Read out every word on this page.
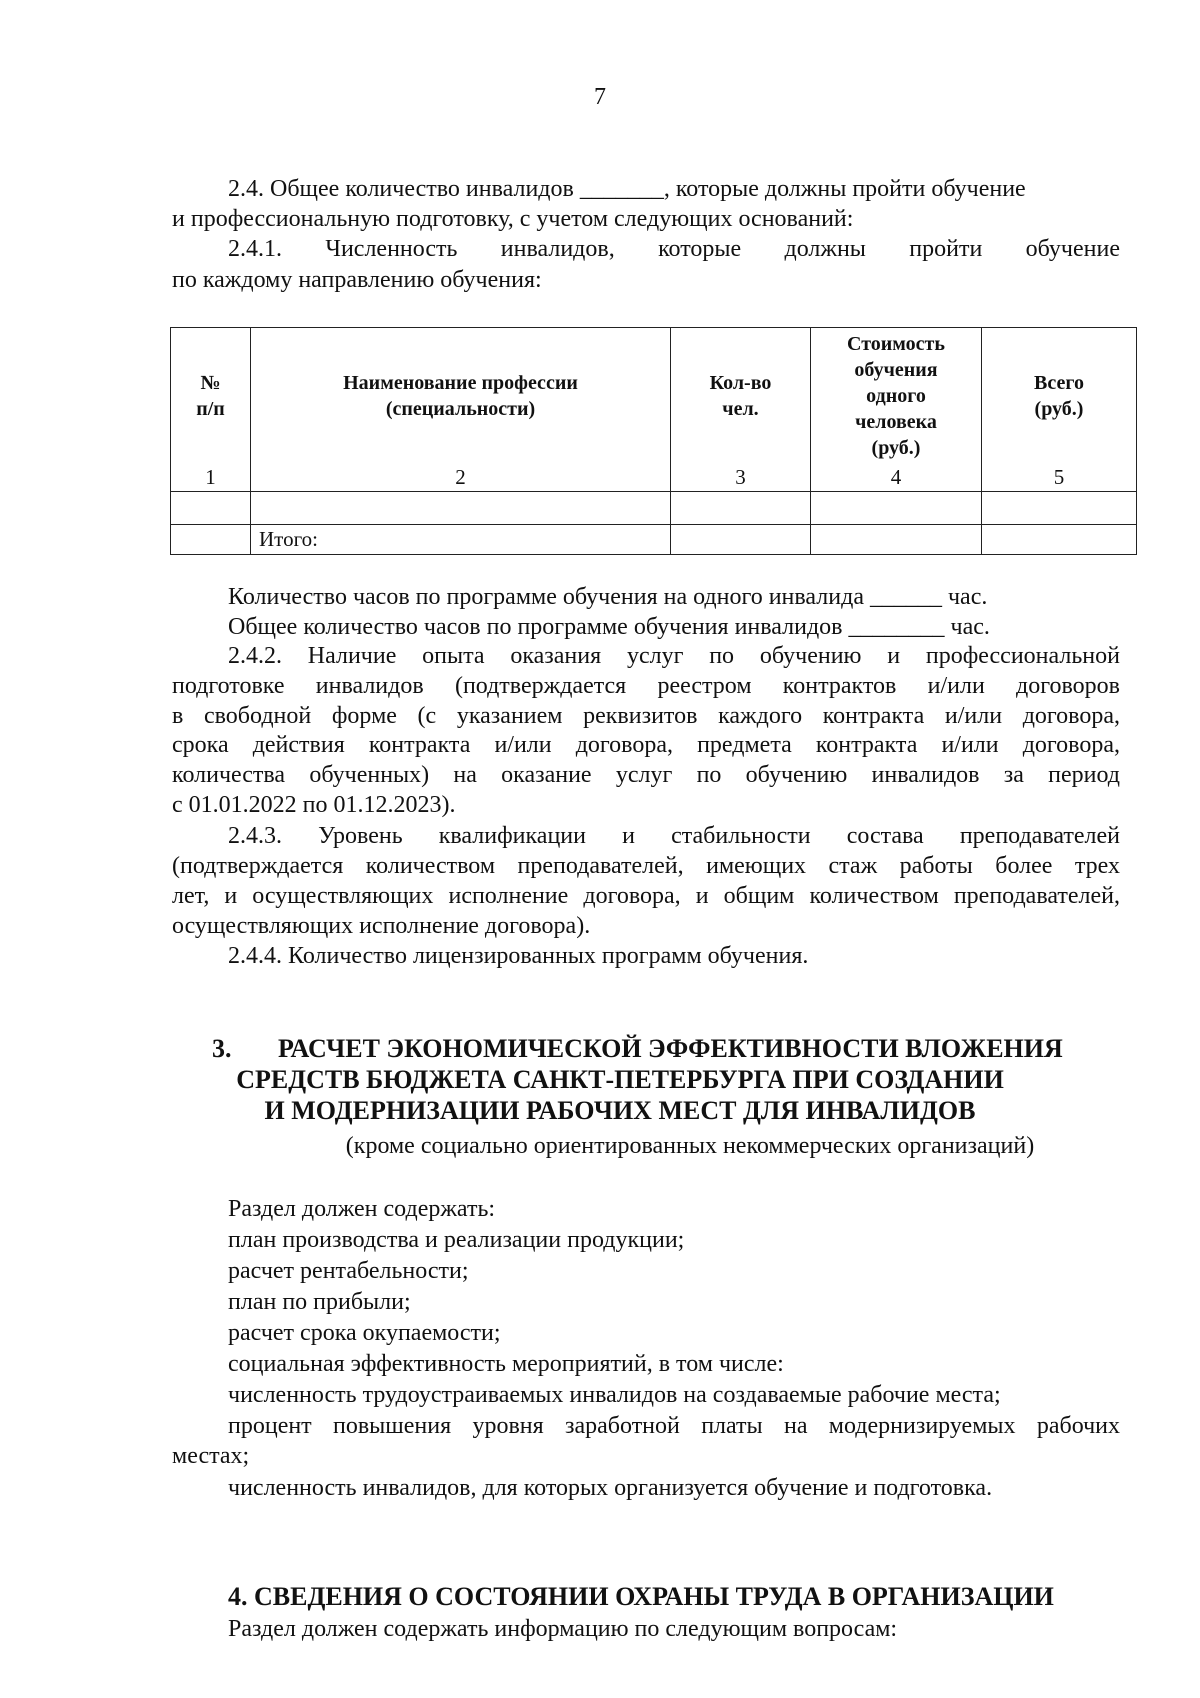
7
2.4. Общее количество инвалидов _______, которые должны пройти обучение
и профессиональную подготовку, с учетом следующих оснований:
2.4.1. Численность инвалидов, которые должны пройти обучение
по каждому направлению обучения:
№ п/п	Наименование профессии (специальности)	Кол-во чел.	Стоимость обучения одного человека (руб.)	Всего (руб.)

1	2	3	4	5

	Итого:			
Количество часов по программе обучения на одного инвалида ______ час.
Общее количество часов по программе обучения инвалидов ________ час.
2.4.2. Наличие опыта оказания услуг по обучению и профессиональной
подготовке инвалидов (подтверждается реестром контрактов и/или договоров
в свободной форме (с указанием реквизитов каждого контракта и/или договора,
срока действия контракта и/или договора, предмета контракта и/или договора,
количества обученных) на оказание услуг по обучению инвалидов за период
с 01.01.2022 по 01.12.2023).
2.4.3. Уровень квалификации и стабильности состава преподавателей
(подтверждается количеством преподавателей, имеющих стаж работы более трех
лет, и осуществляющих исполнение договора, и общим количеством преподавателей,
осуществляющих исполнение договора).
2.4.4. Количество лицензированных программ обучения.
3. РАСЧЕТ ЭКОНОМИЧЕСКОЙ ЭФФЕКТИВНОСТИ ВЛОЖЕНИЯ
СРЕДСТВ БЮДЖЕТА САНКТ-ПЕТЕРБУРГА ПРИ СОЗДАНИИ
И МОДЕРНИЗАЦИИ РАБОЧИХ МЕСТ ДЛЯ ИНВАЛИДОВ
(кроме социально ориентированных некоммерческих организаций)
Раздел должен содержать:
план производства и реализации продукции;
расчет рентабельности;
план по прибыли;
расчет срока окупаемости;
социальная эффективность мероприятий, в том числе:
численность трудоустраиваемых инвалидов на создаваемые рабочие места;
процент повышения уровня заработной платы на модернизируемых рабочих
местах;
численность инвалидов, для которых организуется обучение и подготовка.
4. СВЕДЕНИЯ О СОСТОЯНИИ ОХРАНЫ ТРУДА В ОРГАНИЗАЦИИ
Раздел должен содержать информацию по следующим вопросам:
